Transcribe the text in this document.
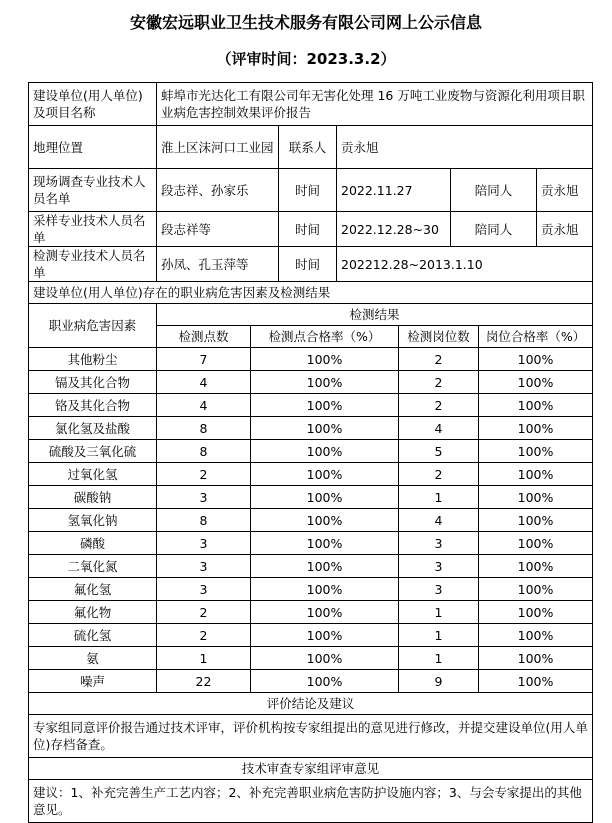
安徽宏远职业卫生技术服务有限公司网上公示信息
（评审时间：2023.3.2）
建设单位(用人单位)及项目名称	蚌埠市光达化工有限公司年无害化处理 16 万吨工业废物与资源化利用项目职业病危害控制效果评价报告							
地理位置	淮上区沫河口工业园		联系人	贡永旭				
现场调查专业技术人员名单	段志祥、孙家乐		时间	2022.11.27		陪同人		贡永旭
采样专业技术人员名单	段志祥等		时间	2022.12.28~30		陪同人		贡永旭
检测专业技术人员名单	孙凤、孔玉萍等		时间	202212.28~2013.1.10				
建设单位(用人单位)存在的职业病危害因素及检测结果								
职业病危害因素	检测结果							
	检测点数	检测点合格率（%）			检测岗位数		岗位合格率（%）	
其他粉尘	7	100%			2		100%	
镉及其化合物	4	100%			2		100%	
铬及其化合物	4	100%			2		100%	
氯化氢及盐酸	8	100%			4		100%	
硫酸及三氧化硫	8	100%			5		100%	
过氧化氢	2	100%			2		100%	
碳酸钠	3	100%			1		100%	
氢氧化钠	8	100%			4		100%	
磷酸	3	100%			3		100%	
二氧化氮	3	100%			3		100%	
氟化氢	3	100%			3		100%	
氟化物	2	100%			1		100%	
硫化氢	2	100%			1		100%	
氨	1	100%			1		100%	
噪声	22	100%			9		100%	
评价结论及建议								
专家组同意评价报告通过技术评审，评价机构按专家组提出的意见进行修改，并提交建设单位(用人单位)存档备查。								
技术审查专家组评审意见								
建议：1、补充完善生产工艺内容；2、补充完善职业病危害防护设施内容；3、与会专家提出的其他意见。								
